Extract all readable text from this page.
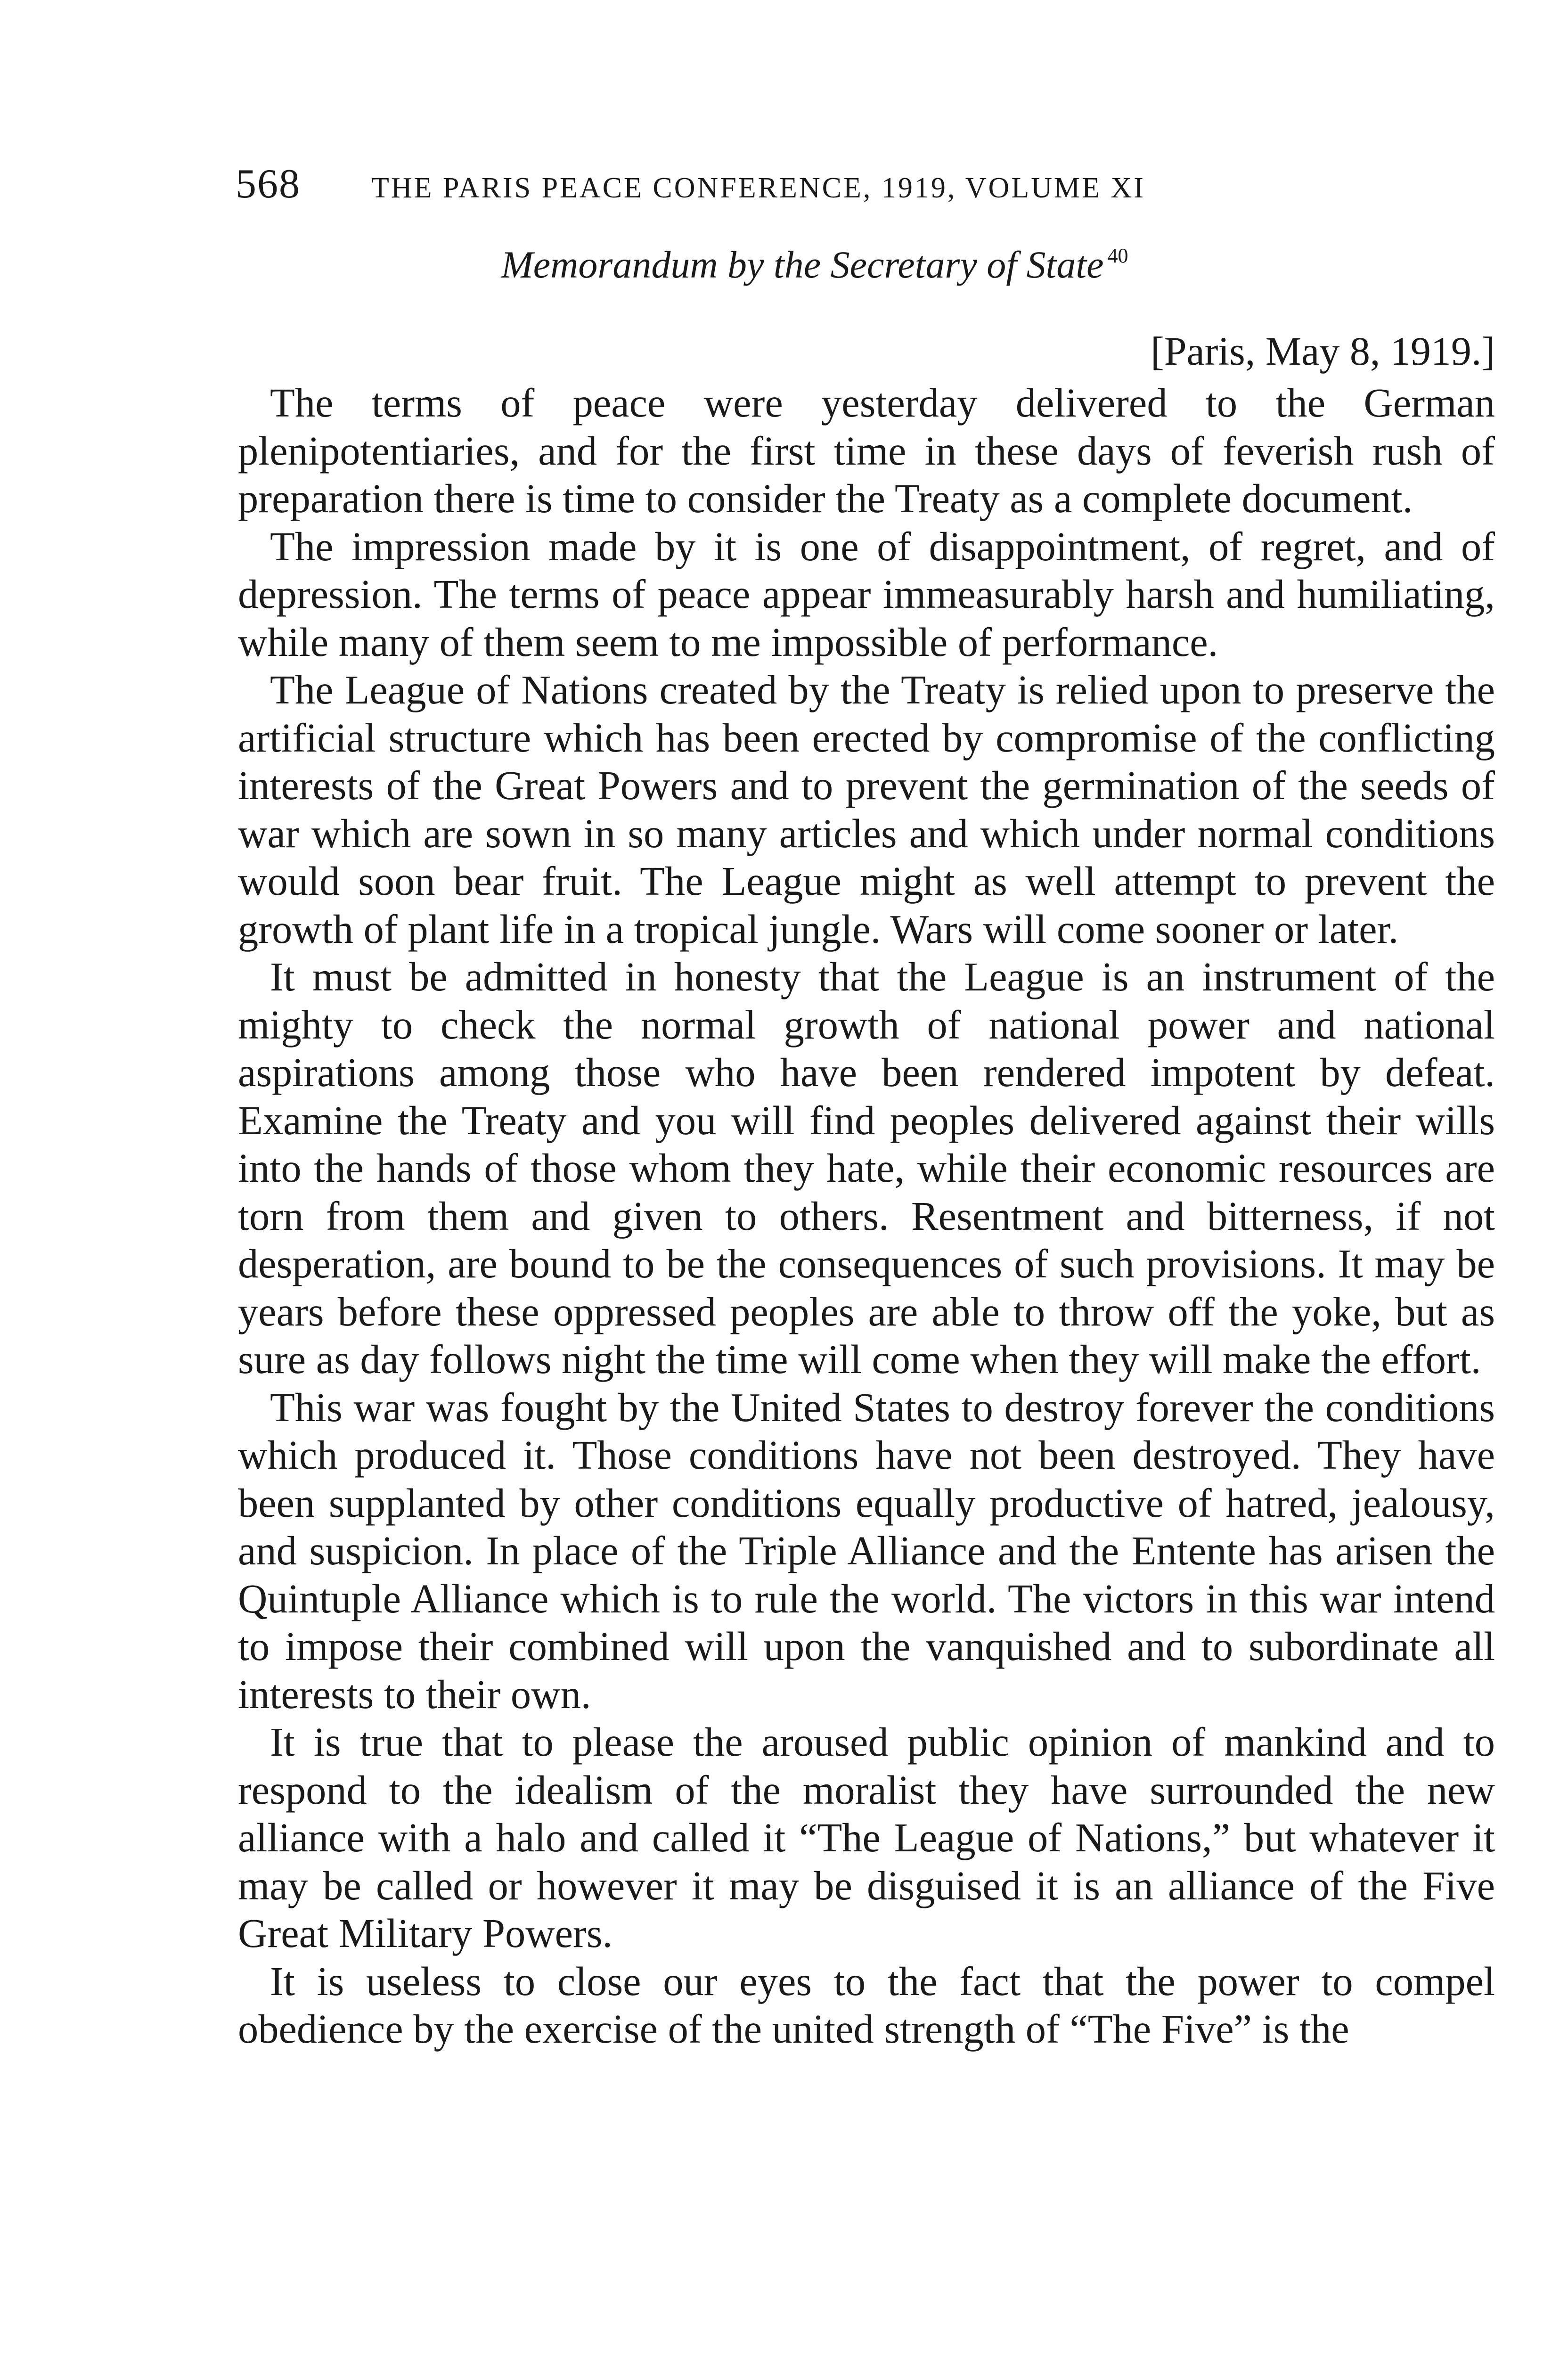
568 THE PARIS PEACE CONFERENCE, 1919, VOLUME XI
Memorandum by the Secretary of State $^{40}$
[Paris, May 8, 1919.]

The terms of peace were yesterday delivered to the German plenipotentiaries, and for the first time in these days of feverish rush of preparation there is time to consider the Treaty as a complete document.

The impression made by it is one of disappointment, of regret, and of depression. The terms of peace appear immeasurably harsh and humiliating, while many of them seem to me impossible of performance.

The League of Nations created by the Treaty is relied upon to preserve the artificial structure which has been erected by compromise of the conflicting interests of the Great Powers and to prevent the germination of the seeds of war which are sown in so many articles and which under normal conditions would soon bear fruit. The League might as well attempt to prevent the growth of plant life in a tropical jungle. Wars will come sooner or later.

It must be admitted in honesty that the League is an instrument of the mighty to check the normal growth of national power and national aspirations among those who have been rendered impotent by defeat. Examine the Treaty and you will find peoples delivered against their wills into the hands of those whom they hate, while their economic resources are torn from them and given to others. Resentment and bitterness, if not desperation, are bound to be the consequences of such provisions. It may be years before these oppressed peoples are able to throw off the yoke, but as sure as day follows night the time will come when they will make the effort.

This war was fought by the United States to destroy forever the conditions which produced it. Those conditions have not been destroyed. They have been supplanted by other conditions equally productive of hatred, jealousy, and suspicion. In place of the Triple Alliance and the Entente has arisen the Quintuple Alliance which is to rule the world. The victors in this war intend to impose their combined will upon the vanquished and to subordinate all interests to their own.

It is true that to please the aroused public opinion of mankind and to respond to the idealism of the moralist they have surrounded the new alliance with a halo and called it “The League of Nations,” but whatever it may be called or however it may be disguised it is an alliance of the Five Great Military Powers.

It is useless to close our eyes to the fact that the power to compel obedience by the exercise of the united strength of “The Five” is the
